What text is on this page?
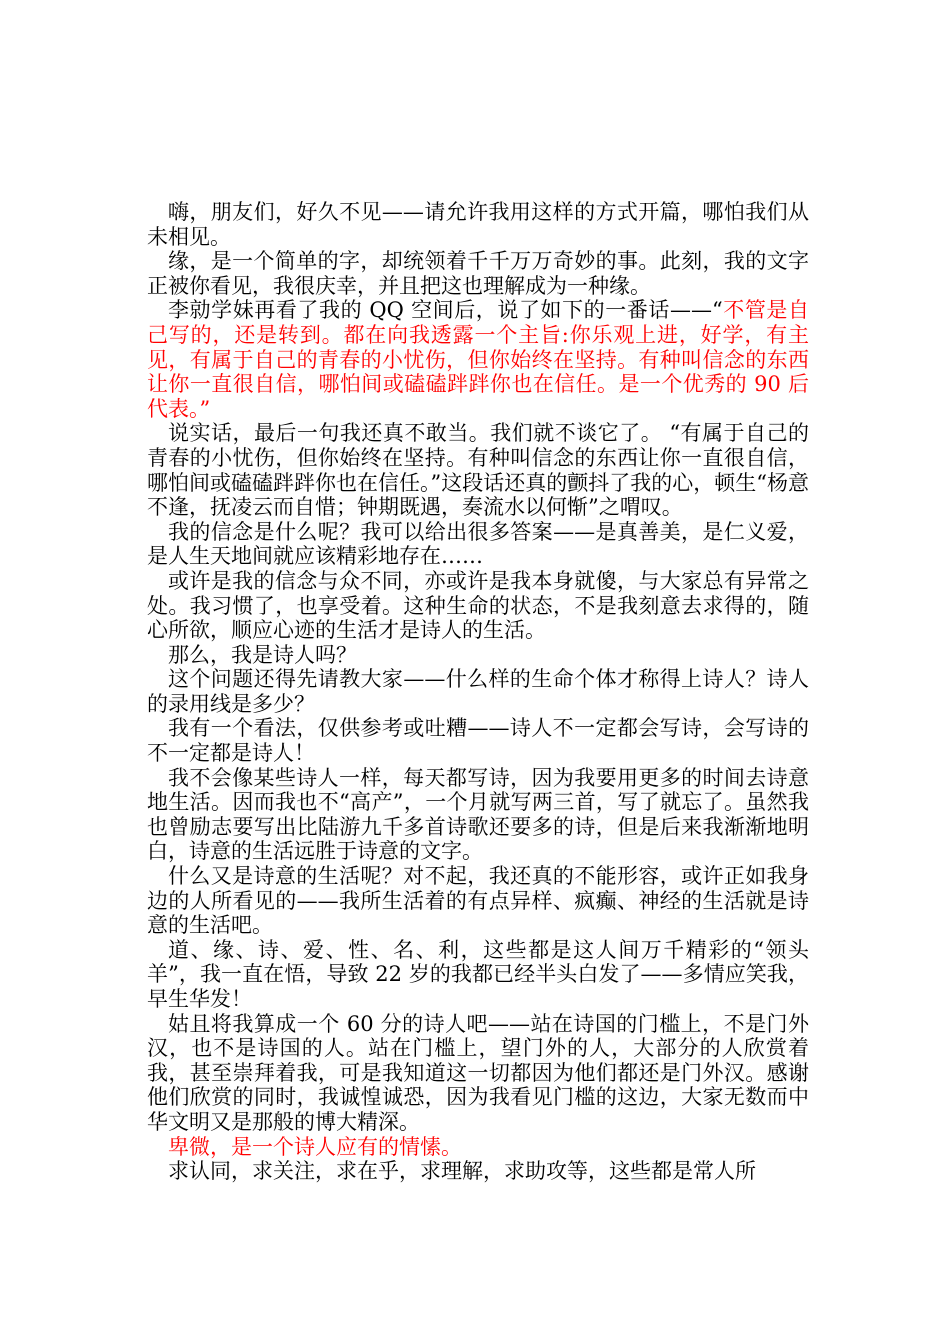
嗨，朋友们，好久不见——请允许我用这样的方式开篇，哪怕我们从未相见。

缘，是一个简单的字，却统领着千千万万奇妙的事。此刻，我的文字正被你看见，我很庆幸，并且把这也理解成为一种缘。

李勍学妹再看了我的 QQ 空间后，说了如下的一番话——“不管是自己写的，还是转到。都在向我透露一个主旨:你乐观上进，好学，有主见，有属于自己的青春的小忧伤，但你始终在坚持。有种叫信念的东西让你一直很自信，哪怕间或磕磕跘跘你也在信任。是一个优秀的 90 后代表。”

说实话，最后一句我还真不敢当。我们就不谈它了。 “有属于自己的青春的小忧伤，但你始终在坚持。有种叫信念的东西让你一直很自信，哪怕间或磕磕跘跘你也在信任。”这段话还真的颤抖了我的心，顿生“杨意不逢，抚凌云而自惜；钟期既遇，奏流水以何惭”之喟叹。

我的信念是什么呢？我可以给出很多答案——是真善美，是仁义爱，是人生天地间就应该精彩地存在……

或许是我的信念与众不同，亦或许是我本身就傻，与大家总有异常之处。我习惯了，也享受着。这种生命的状态，不是我刻意去求得的，随心所欲，顺应心迹的生活才是诗人的生活。

那么，我是诗人吗？

这个问题还得先请教大家——什么样的生命个体才称得上诗人？诗人的录用线是多少？

我有一个看法，仅供参考或吐糟——诗人不一定都会写诗，会写诗的不一定都是诗人！

我不会像某些诗人一样，每天都写诗，因为我要用更多的时间去诗意地生活。因而我也不“高产”，一个月就写两三首，写了就忘了。虽然我也曾励志要写出比陆游九千多首诗歌还要多的诗，但是后来我渐渐地明白，诗意的生活远胜于诗意的文字。

什么又是诗意的生活呢？对不起，我还真的不能形容，或许正如我身边的人所看见的——我所生活着的有点异样、疯癫、神经的生活就是诗意的生活吧。

道、缘、诗、爱、性、名、利，这些都是这人间万千精彩的“领头羊”，我一直在悟，导致 22 岁的我都已经半头白发了——多情应笑我，早生华发！

姑且将我算成一个 60 分的诗人吧——站在诗国的门槛上，不是门外汉，也不是诗国的人。站在门槛上，望门外的人，大部分的人欣赏着我，甚至崇拜着我，可是我知道这一切都因为他们都还是门外汉。感谢他们欣赏的同时，我诚惶诚恐，因为我看见门槛的这边，大家无数而中华文明又是那般的博大精深。

卑微，是一个诗人应有的情愫。

求认同，求关注，求在乎，求理解，求助攻等，这些都是常人所
